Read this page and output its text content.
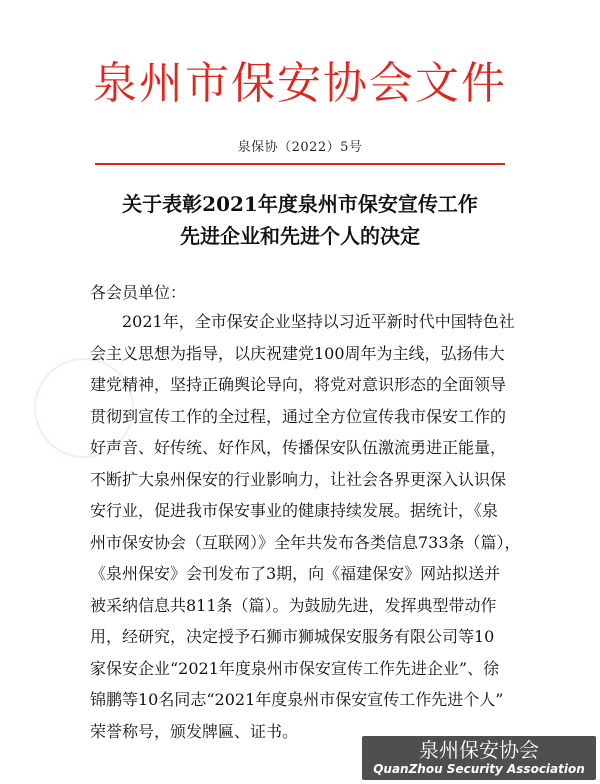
泉州市保安协会文件
泉保协（2022）5号
关于表彰2021年度泉州市保安宣传工作
先进企业和先进个人的决定
各会员单位：
　　2021年，全市保安企业坚持以习近平新时代中国特色社
会主义思想为指导，以庆祝建党100周年为主线，弘扬伟大
建党精神，坚持正确舆论导向，将党对意识形态的全面领导
贯彻到宣传工作的全过程，通过全方位宣传我市保安工作的
好声音、好传统、好作风，传播保安队伍激流勇进正能量，
不断扩大泉州保安的行业影响力，让社会各界更深入认识保
安行业，促进我市保安事业的健康持续发展。据统计，《泉
州市保安协会（互联网）》全年共发布各类信息733条（篇），
《泉州保安》会刊发布了3期，向《福建保安》网站拟送并
被采纳信息共811条（篇）。为鼓励先进，发挥典型带动作
用，经研究，决定授予石狮市狮城保安服务有限公司等10
家保安企业“2021年度泉州市保安宣传工作先进企业”、徐
锦鹏等10名同志“2021年度泉州市保安宣传工作先进个人”
荣誉称号，颁发牌匾、证书。
泉州保安协会
QuanZhou Security Association
